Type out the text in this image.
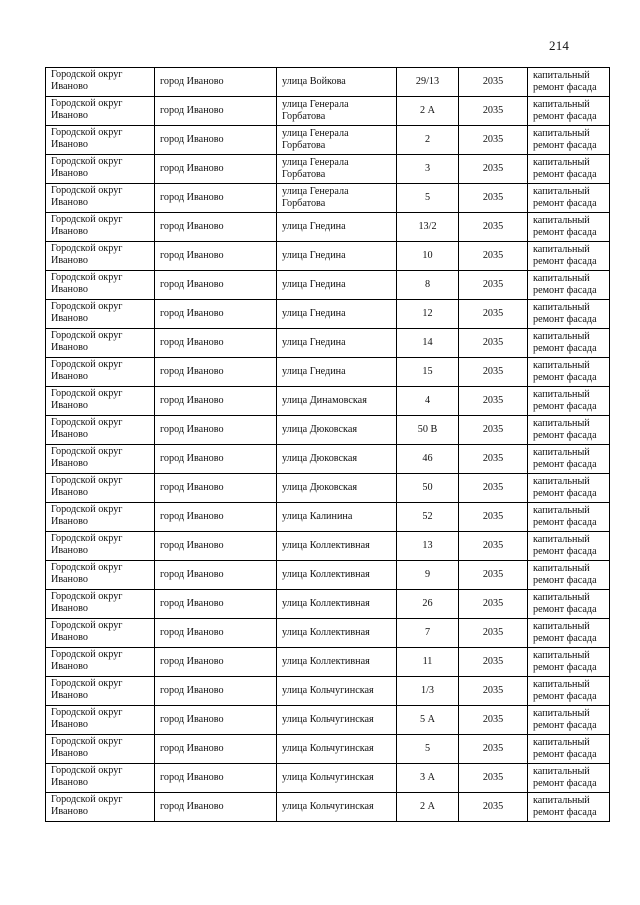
214
Городской округ Иваново	город Иваново	улица Войкова	29/13	2035	капитальный ремонт фасада
Городской округ Иваново	город Иваново	улица Генерала Горбатова	2 А	2035	капитальный ремонт фасада
Городской округ Иваново	город Иваново	улица Генерала Горбатова	2	2035	капитальный ремонт фасада
Городской округ Иваново	город Иваново	улица Генерала Горбатова	3	2035	капитальный ремонт фасада
Городской округ Иваново	город Иваново	улица Генерала Горбатова	5	2035	капитальный ремонт фасада
Городской округ Иваново	город Иваново	улица Гнедина	13/2	2035	капитальный ремонт фасада
Городской округ Иваново	город Иваново	улица Гнедина	10	2035	капитальный ремонт фасада
Городской округ Иваново	город Иваново	улица Гнедина	8	2035	капитальный ремонт фасада
Городской округ Иваново	город Иваново	улица Гнедина	12	2035	капитальный ремонт фасада
Городской округ Иваново	город Иваново	улица Гнедина	14	2035	капитальный ремонт фасада
Городской округ Иваново	город Иваново	улица Гнедина	15	2035	капитальный ремонт фасада
Городской округ Иваново	город Иваново	улица Динамовская	4	2035	капитальный ремонт фасада
Городской округ Иваново	город Иваново	улица Дюковская	50 В	2035	капитальный ремонт фасада
Городской округ Иваново	город Иваново	улица Дюковская	46	2035	капитальный ремонт фасада
Городской округ Иваново	город Иваново	улица Дюковская	50	2035	капитальный ремонт фасада
Городской округ Иваново	город Иваново	улица Калинина	52	2035	капитальный ремонт фасада
Городской округ Иваново	город Иваново	улица Коллективная	13	2035	капитальный ремонт фасада
Городской округ Иваново	город Иваново	улица Коллективная	9	2035	капитальный ремонт фасада
Городской округ Иваново	город Иваново	улица Коллективная	26	2035	капитальный ремонт фасада
Городской округ Иваново	город Иваново	улица Коллективная	7	2035	капитальный ремонт фасада
Городской округ Иваново	город Иваново	улица Коллективная	11	2035	капитальный ремонт фасада
Городской округ Иваново	город Иваново	улица Кольчугинская	1/3	2035	капитальный ремонт фасада
Городской округ Иваново	город Иваново	улица Кольчугинская	5 А	2035	капитальный ремонт фасада
Городской округ Иваново	город Иваново	улица Кольчугинская	5	2035	капитальный ремонт фасада
Городской округ Иваново	город Иваново	улица Кольчугинская	3 А	2035	капитальный ремонт фасада
Городской округ Иваново	город Иваново	улица Кольчугинская	2 А	2035	капитальный ремонт фасада
